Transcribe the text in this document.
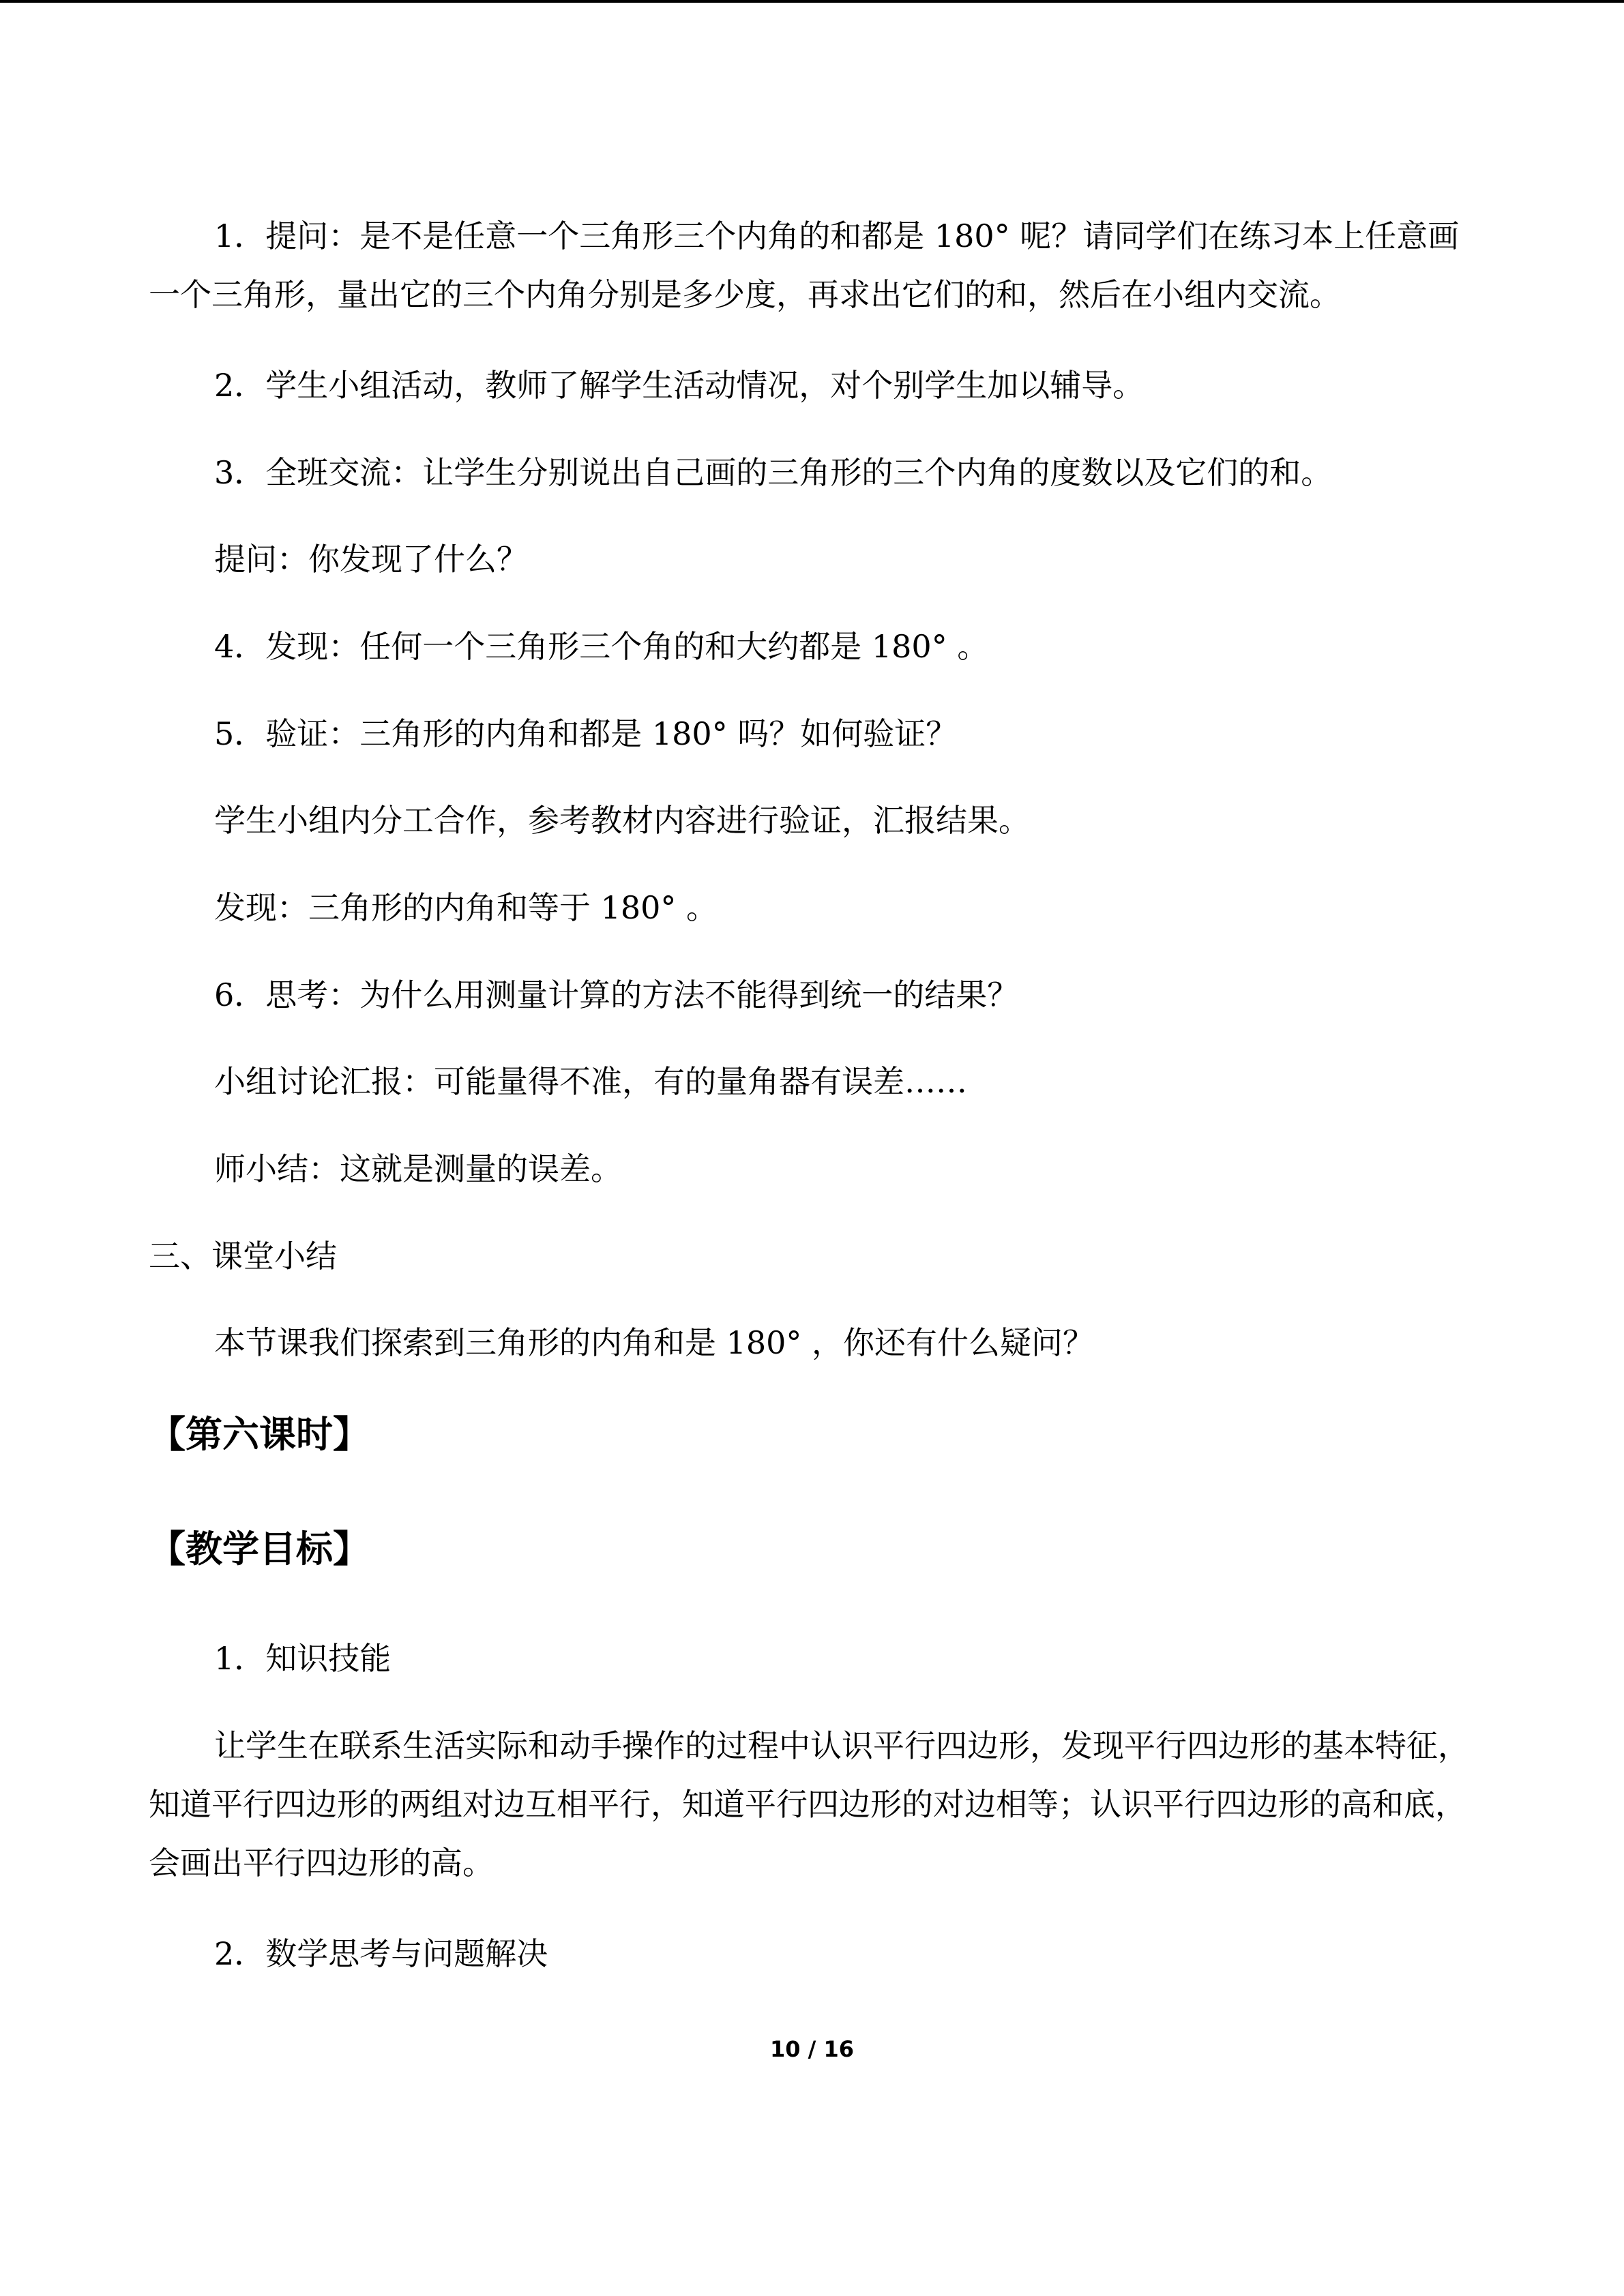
1．提问：是不是任意一个三角形三个内角的和都是 180° 呢？请同学们在练习本上任意画一个三角形，量出它的三个内角分别是多少度，再求出它们的和，然后在小组内交流。
2．学生小组活动，教师了解学生活动情况，对个别学生加以辅导。
3．全班交流：让学生分别说出自己画的三角形的三个内角的度数以及它们的和。
提问：你发现了什么？
4．发现：任何一个三角形三个角的和大约都是 180° 。
5．验证：三角形的内角和都是 180° 吗？如何验证？
学生小组内分工合作，参考教材内容进行验证，汇报结果。
发现：三角形的内角和等于 180° 。
6．思考：为什么用测量计算的方法不能得到统一的结果？
小组讨论汇报：可能量得不准，有的量角器有误差……
师小结：这就是测量的误差。
三、课堂小结
本节课我们探索到三角形的内角和是 180° ，你还有什么疑问？
【第六课时】
【教学目标】
1．知识技能
让学生在联系生活实际和动手操作的过程中认识平行四边形，发现平行四边形的基本特征，知道平行四边形的两组对边互相平行，知道平行四边形的对边相等；认识平行四边形的高和底，会画出平行四边形的高。
2．数学思考与问题解决
10 / 16
